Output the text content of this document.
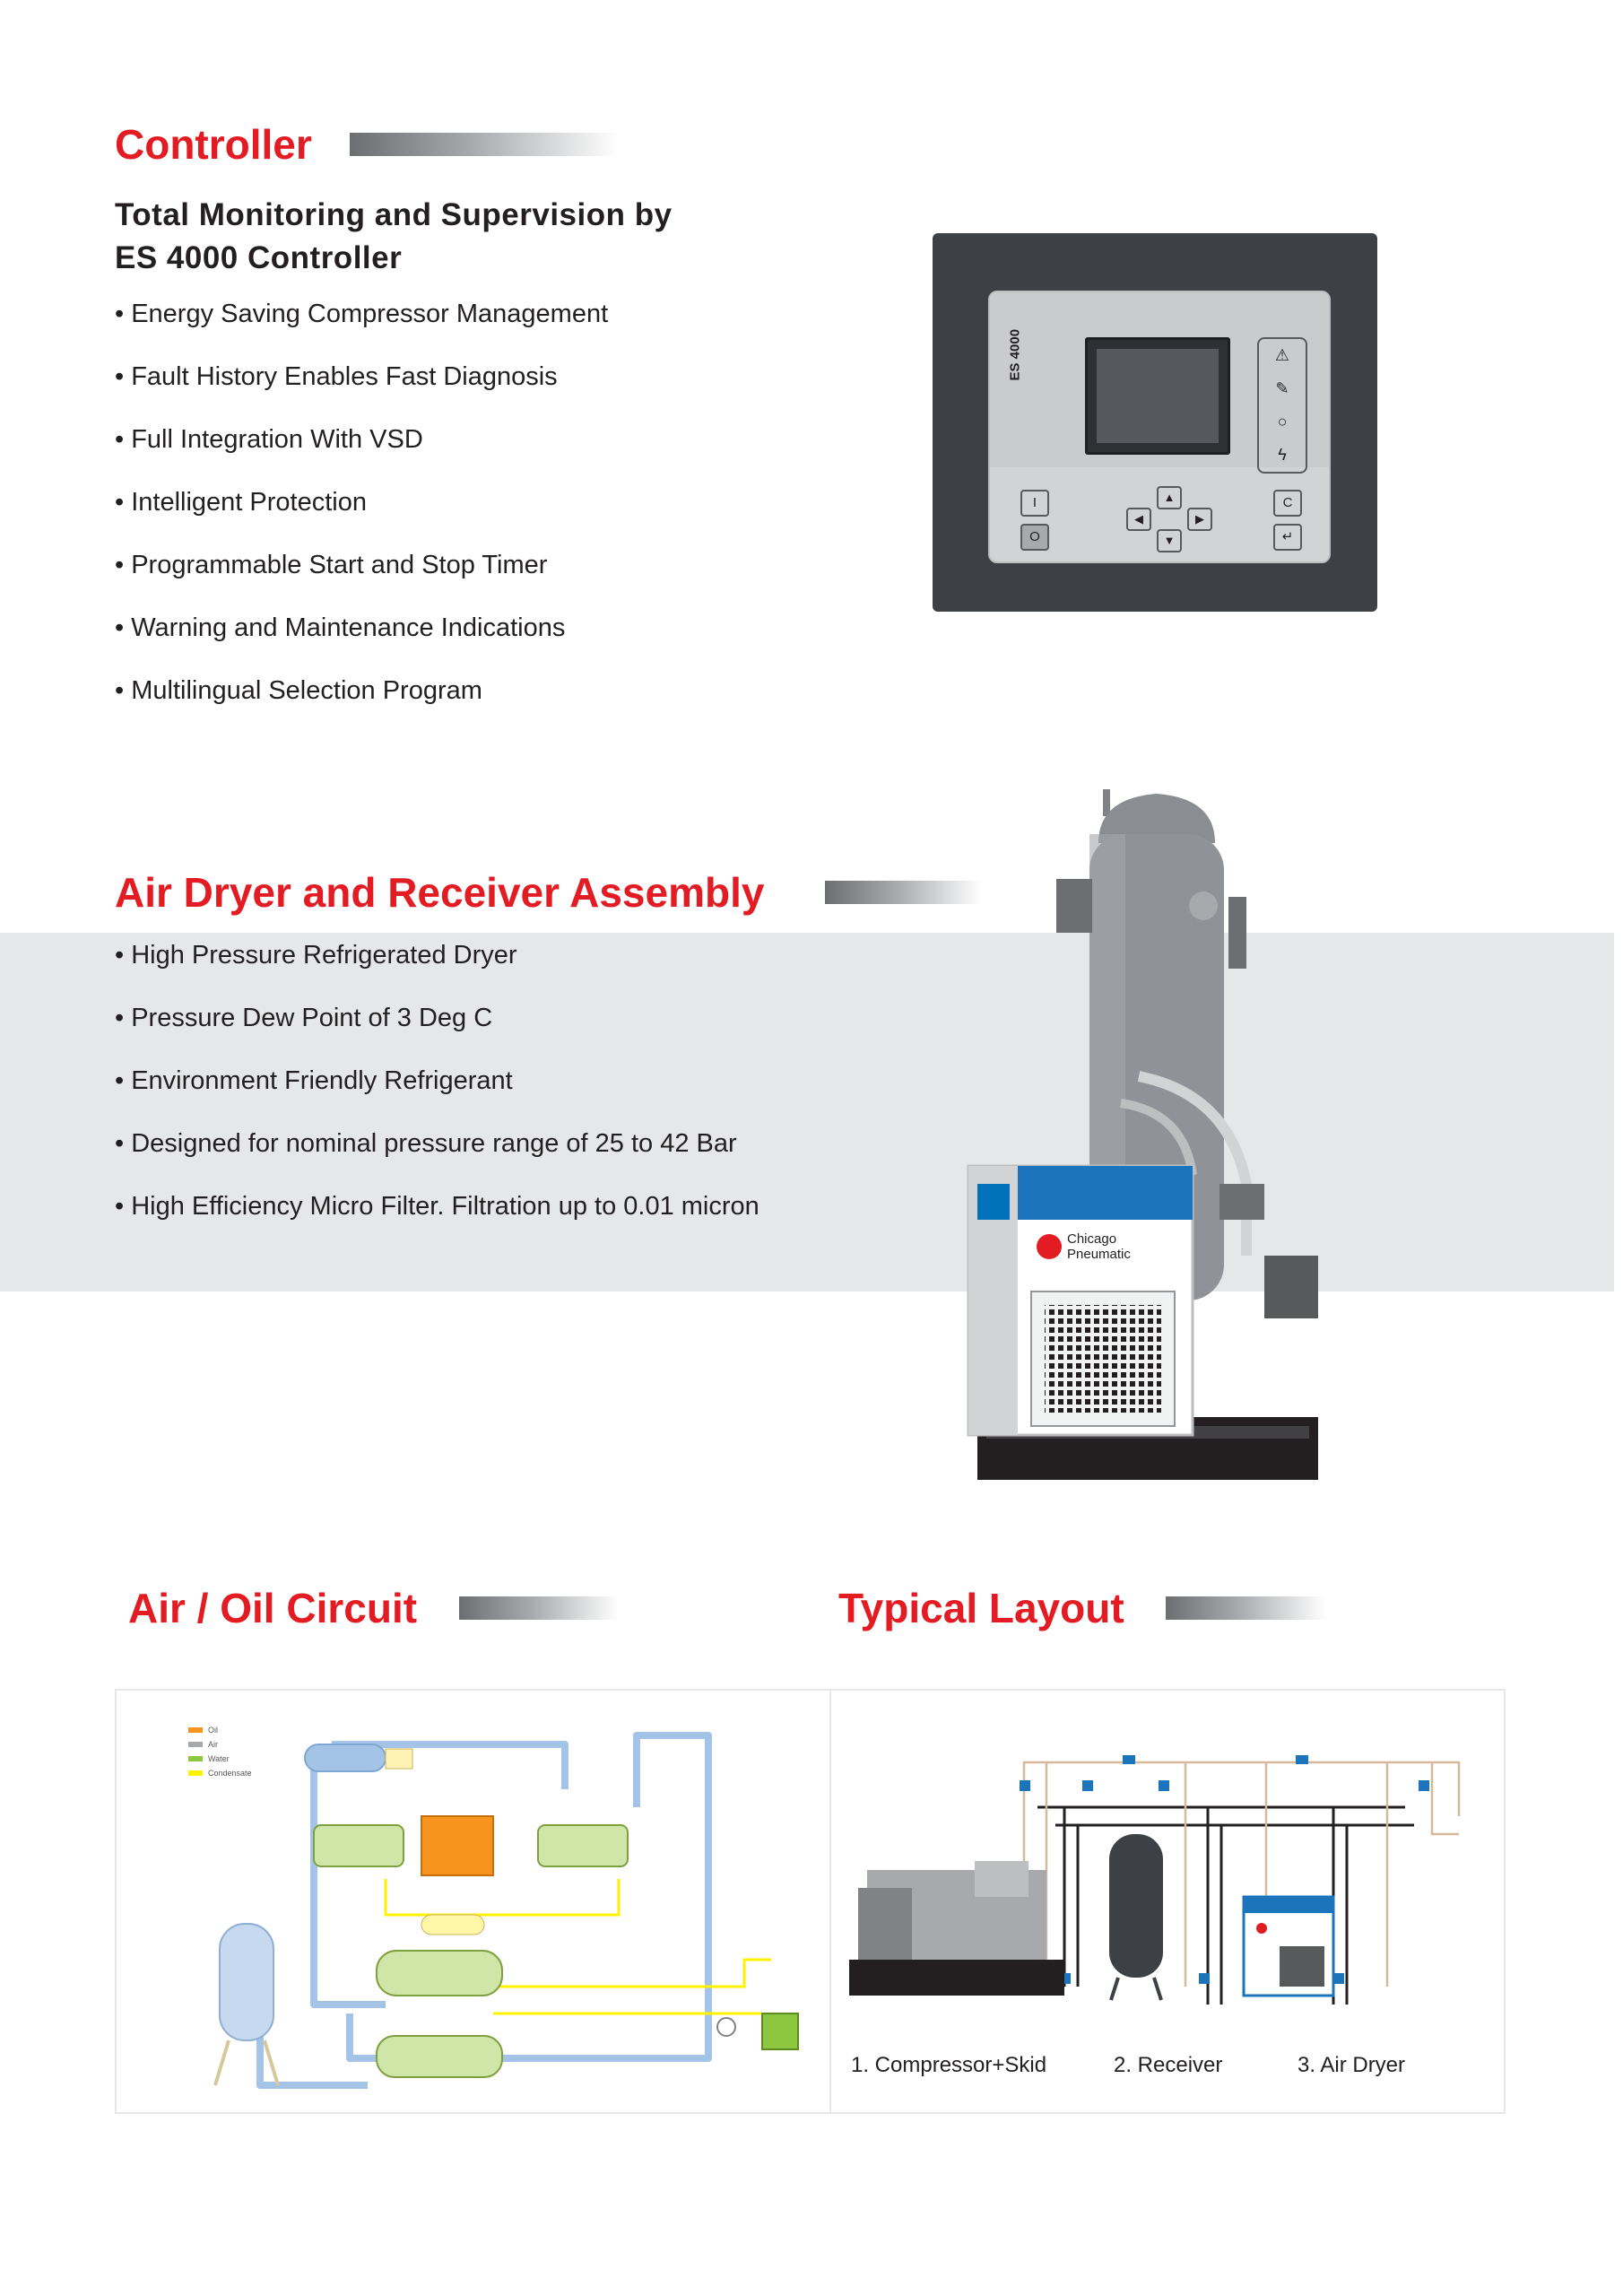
Controller
Total Monitoring and Supervision by
ES 4000 Controller
• Energy Saving Compressor Management
• Fault History Enables Fast Diagnosis
• Full Integration With VSD
• Intelligent Protection
• Programmable Start and Stop Timer
• Warning and Maintenance Indications
• Multilingual Selection Program
⚠
✎
○
ϟ
I
O
▲
◀	▶
▼
C
↵
Air Dryer and Receiver Assembly
• High Pressure Refrigerated Dryer
• Pressure Dew Point of 3 Deg C
• Environment Friendly Refrigerant
• Designed for nominal pressure range of 25 to 42 Bar
• High Efficiency Micro Filter. Filtration up to 0.01 micron
Chicago
Pneumatic
Air / Oil Circuit
Oil
Air
Water
Condensate
Typical Layout
1. Compressor+Skid	2. Receiver	3. Air Dryer
